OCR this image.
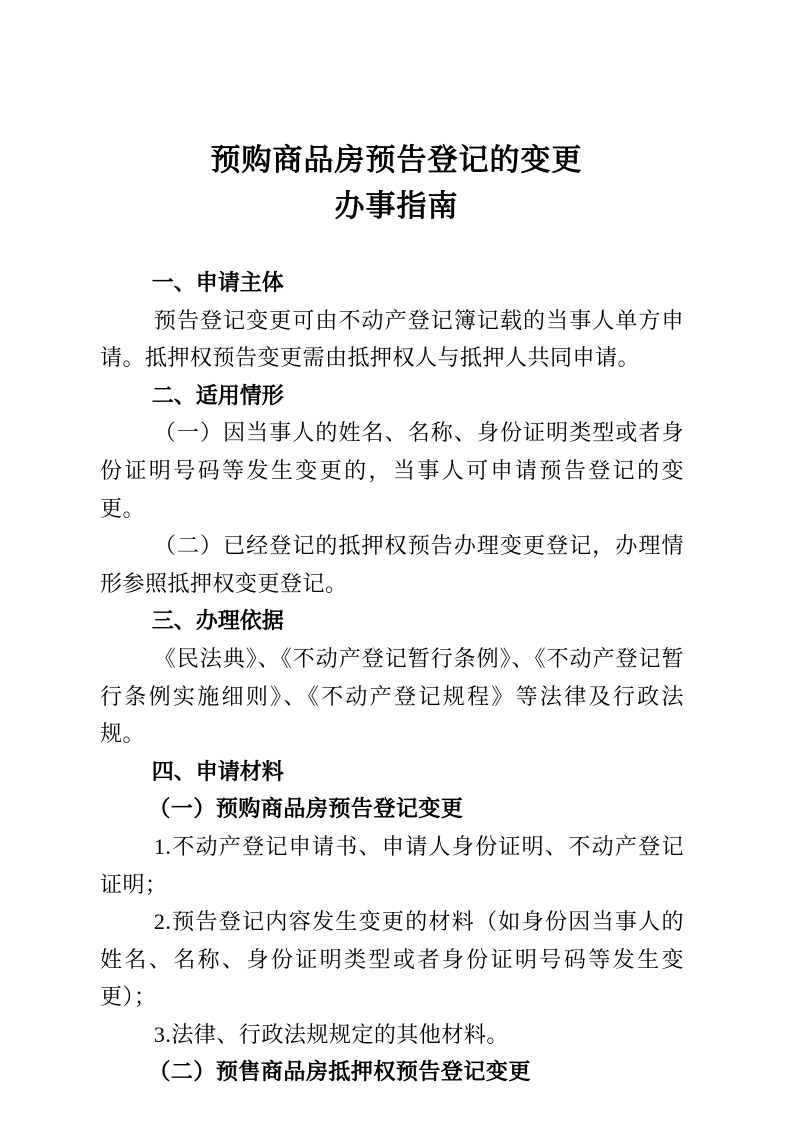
预购商品房预告登记的变更
办事指南
一、申请主体
预告登记变更可由不动产登记簿记载的当事人单方申请。抵押权预告变更需由抵押权人与抵押人共同申请。
二、适用情形
（一）因当事人的姓名、名称、身份证明类型或者身份证明号码等发生变更的，当事人可申请预告登记的变更。
（二）已经登记的抵押权预告办理变更登记，办理情形参照抵押权变更登记。
三、办理依据
《民法典》、《不动产登记暂行条例》、《不动产登记暂行条例实施细则》、《不动产登记规程》等法律及行政法规。
四、申请材料
（一）预购商品房预告登记变更
1.不动产登记申请书、申请人身份证明、不动产登记证明；
2.预告登记内容发生变更的材料（如身份因当事人的姓名、名称、身份证明类型或者身份证明号码等发生变更）；
3.法律、行政法规规定的其他材料。
（二）预售商品房抵押权预告登记变更
